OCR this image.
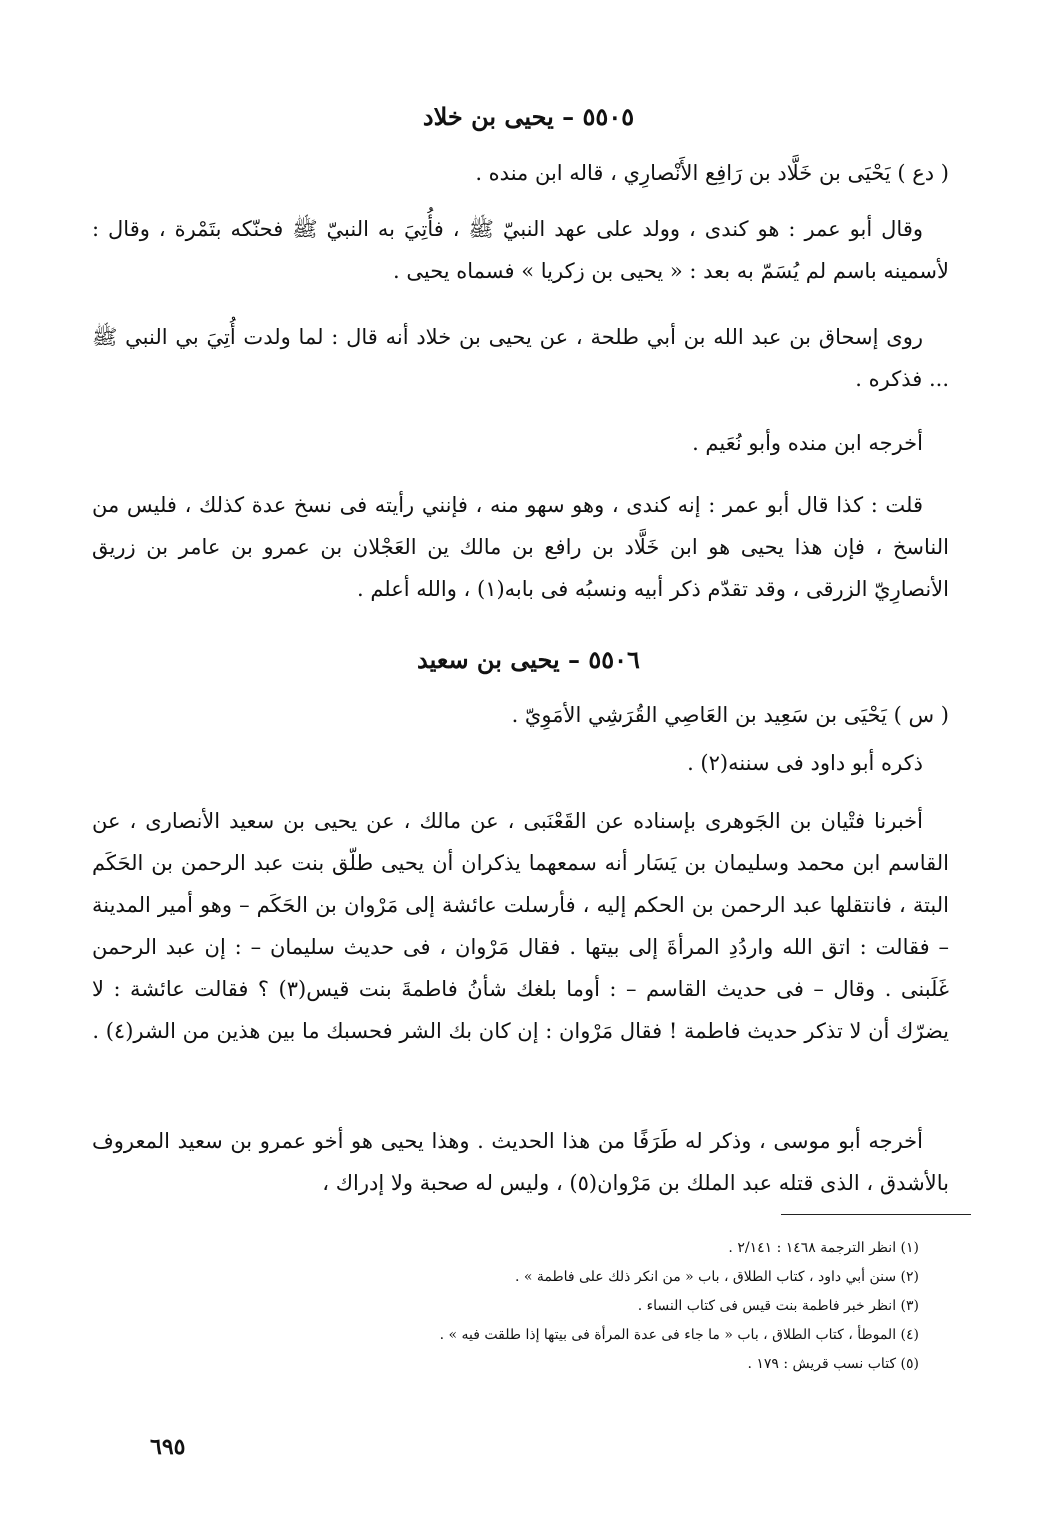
٥٥٠٥ – يحيى بن خلاد

( دع ) يَحْيَى بن خَلَّاد بن رَافِع الأَنْصارِي ، قاله ابن منده .

وقال أبو عمر : هو كندى ، وولد على عهد النبيّ ﷺ ، فأُتِيَ به النبيّ ﷺ فحنّكه بتَمْرة ، وقال : لأسمينه باسم لم يُسَمّ به بعد : « يحيى بن زكريا » فسماه يحيى .

روى إسحاق بن عبد الله بن أبي طلحة ، عن يحيى بن خلاد أنه قال : لما ولدت أُتِيَ بي النبي ﷺ ... فذكره .

أخرجه ابن منده وأبو نُعَيم .

قلت : كذا قال أبو عمر : إنه كندى ، وهو سهو منه ، فإنني رأيته فى نسخ عدة كذلك ، فليس من الناسخ ، فإن هذا يحيى هو ابن خَلَّاد بن رافع بن مالك ين العَجْلان بن عمرو بن عامر بن زريق الأنصارِيّ الزرقى ، وقد تقدّم ذكر أبيه ونسبُه فى بابه(١) ، والله أعلم .

٥٥٠٦ – يحيى بن سعيد

( س ) يَحْيَى بن سَعِيد بن العَاصِي القُرَشِي الأمَوِيّ .

ذكره أبو داود فى سننه(٢) .

أخبرنا فتْيان بن الجَوهرى بإسناده عن القَعْنَبى ، عن مالك ، عن يحيى بن سعيد الأنصارى ، عن القاسم ابن محمد وسليمان بن يَسَار أنه سمعهما يذكران أن يحيى طلّق بنت عبد الرحمن بن الحَكَم البتة ، فانتقلها عبد الرحمن بن الحكم إليه ، فأرسلت عائشة إلى مَرْوان بن الحَكَم – وهو أمير المدينة – فقالت : اتق الله واردُدِ المرأةَ إلى بيتها . فقال مَرْوان ، فى حديث سليمان – : إن عبد الرحمن غَلَبنى . وقال – فى حديث القاسم – : أوما بلغك شأنُ فاطمةَ بنت قيس(٣) ؟ فقالت عائشة : لا يضرّك أن لا تذكر حديث فاطمة ! فقال مَرْوان : إن كان بك الشر فحسبك ما بين هذين من الشر(٤) .

أخرجه أبو موسى ، وذكر له طَرَفًا من هذا الحديث . وهذا يحيى هو أخو عمرو بن سعيد المعروف بالأشدق ، الذى قتله عبد الملك بن مَرْوان(٥) ، وليس له صحبة ولا إدراك ،

(١) انظر الترجمة ١٤٦٨ : ٢/١٤١ .
(٢) سنن أبي داود ، كتاب الطلاق ، باب « من انكر ذلك على فاطمة » .
(٣) انظر خبر فاطمة بنت قيس فى كتاب النساء .
(٤) الموطأ ، كتاب الطلاق ، باب « ما جاء فى عدة المرأة فى بيتها إذا طلقت فيه » .
(٥) كتاب نسب قريش : ١٧٩ .
٦٩٥
